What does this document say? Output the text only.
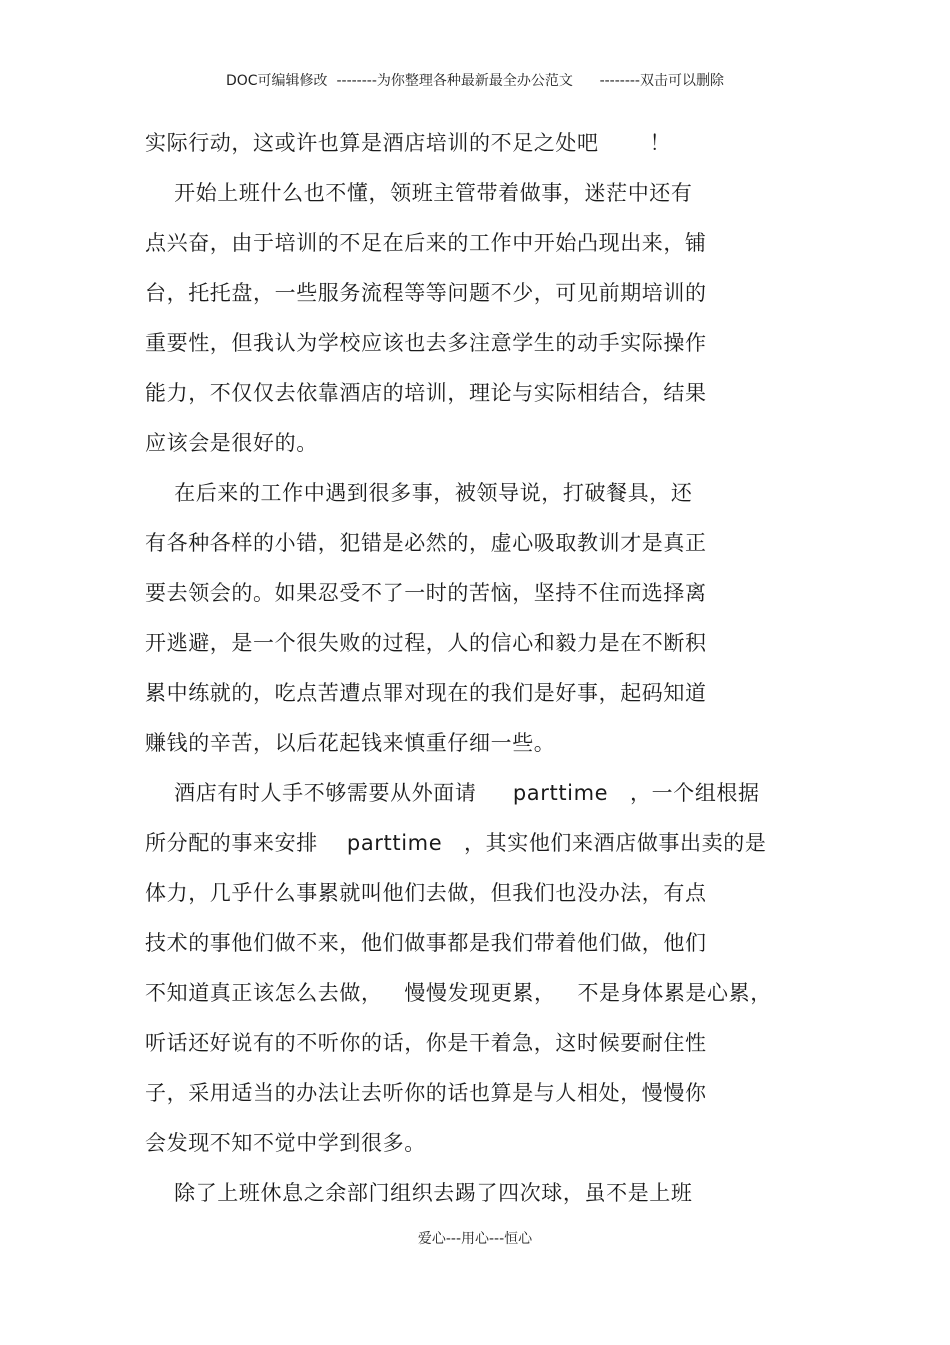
DOC可编辑修改  --------为你整理各种最新最全办公范文      --------双击可以删除
实际行动，这或许也算是酒店培训的不足之处吧       ！
开始上班什么也不懂，领班主管带着做事，迷茫中还有
点兴奋，由于培训的不足在后来的工作中开始凸现出来，铺
台，托托盘，一些服务流程等等问题不少，可见前期培训的
重要性，但我认为学校应该也去多注意学生的动手实际操作
能力，不仅仅去依靠酒店的培训，理论与实际相结合，结果
应该会是很好的。
在后来的工作中遇到很多事，被领导说，打破餐具，还
有各种各样的小错，犯错是必然的，虚心吸取教训才是真正
要去领会的。如果忍受不了一时的苦恼，坚持不住而选择离
开逃避，是一个很失败的过程，人的信心和毅力是在不断积
累中练就的，吃点苦遭点罪对现在的我们是好事，起码知道
赚钱的辛苦，以后花起钱来慎重仔细一些。
酒店有时人手不够需要从外面请     parttime   ，一个组根据
所分配的事来安排    parttime   ，其实他们来酒店做事出卖的是
体力，几乎什么事累就叫他们去做，但我们也没办法，有点
技术的事他们做不来，他们做事都是我们带着他们做，他们
不知道真正该怎么去做，   慢慢发现更累，   不是身体累是心累，
听话还好说有的不听你的话，你是干着急，这时候要耐住性
子，采用适当的办法让去听你的话也算是与人相处，慢慢你
会发现不知不觉中学到很多。
除了上班休息之余部门组织去踢了四次球，虽不是上班
爱心---用心---恒心
